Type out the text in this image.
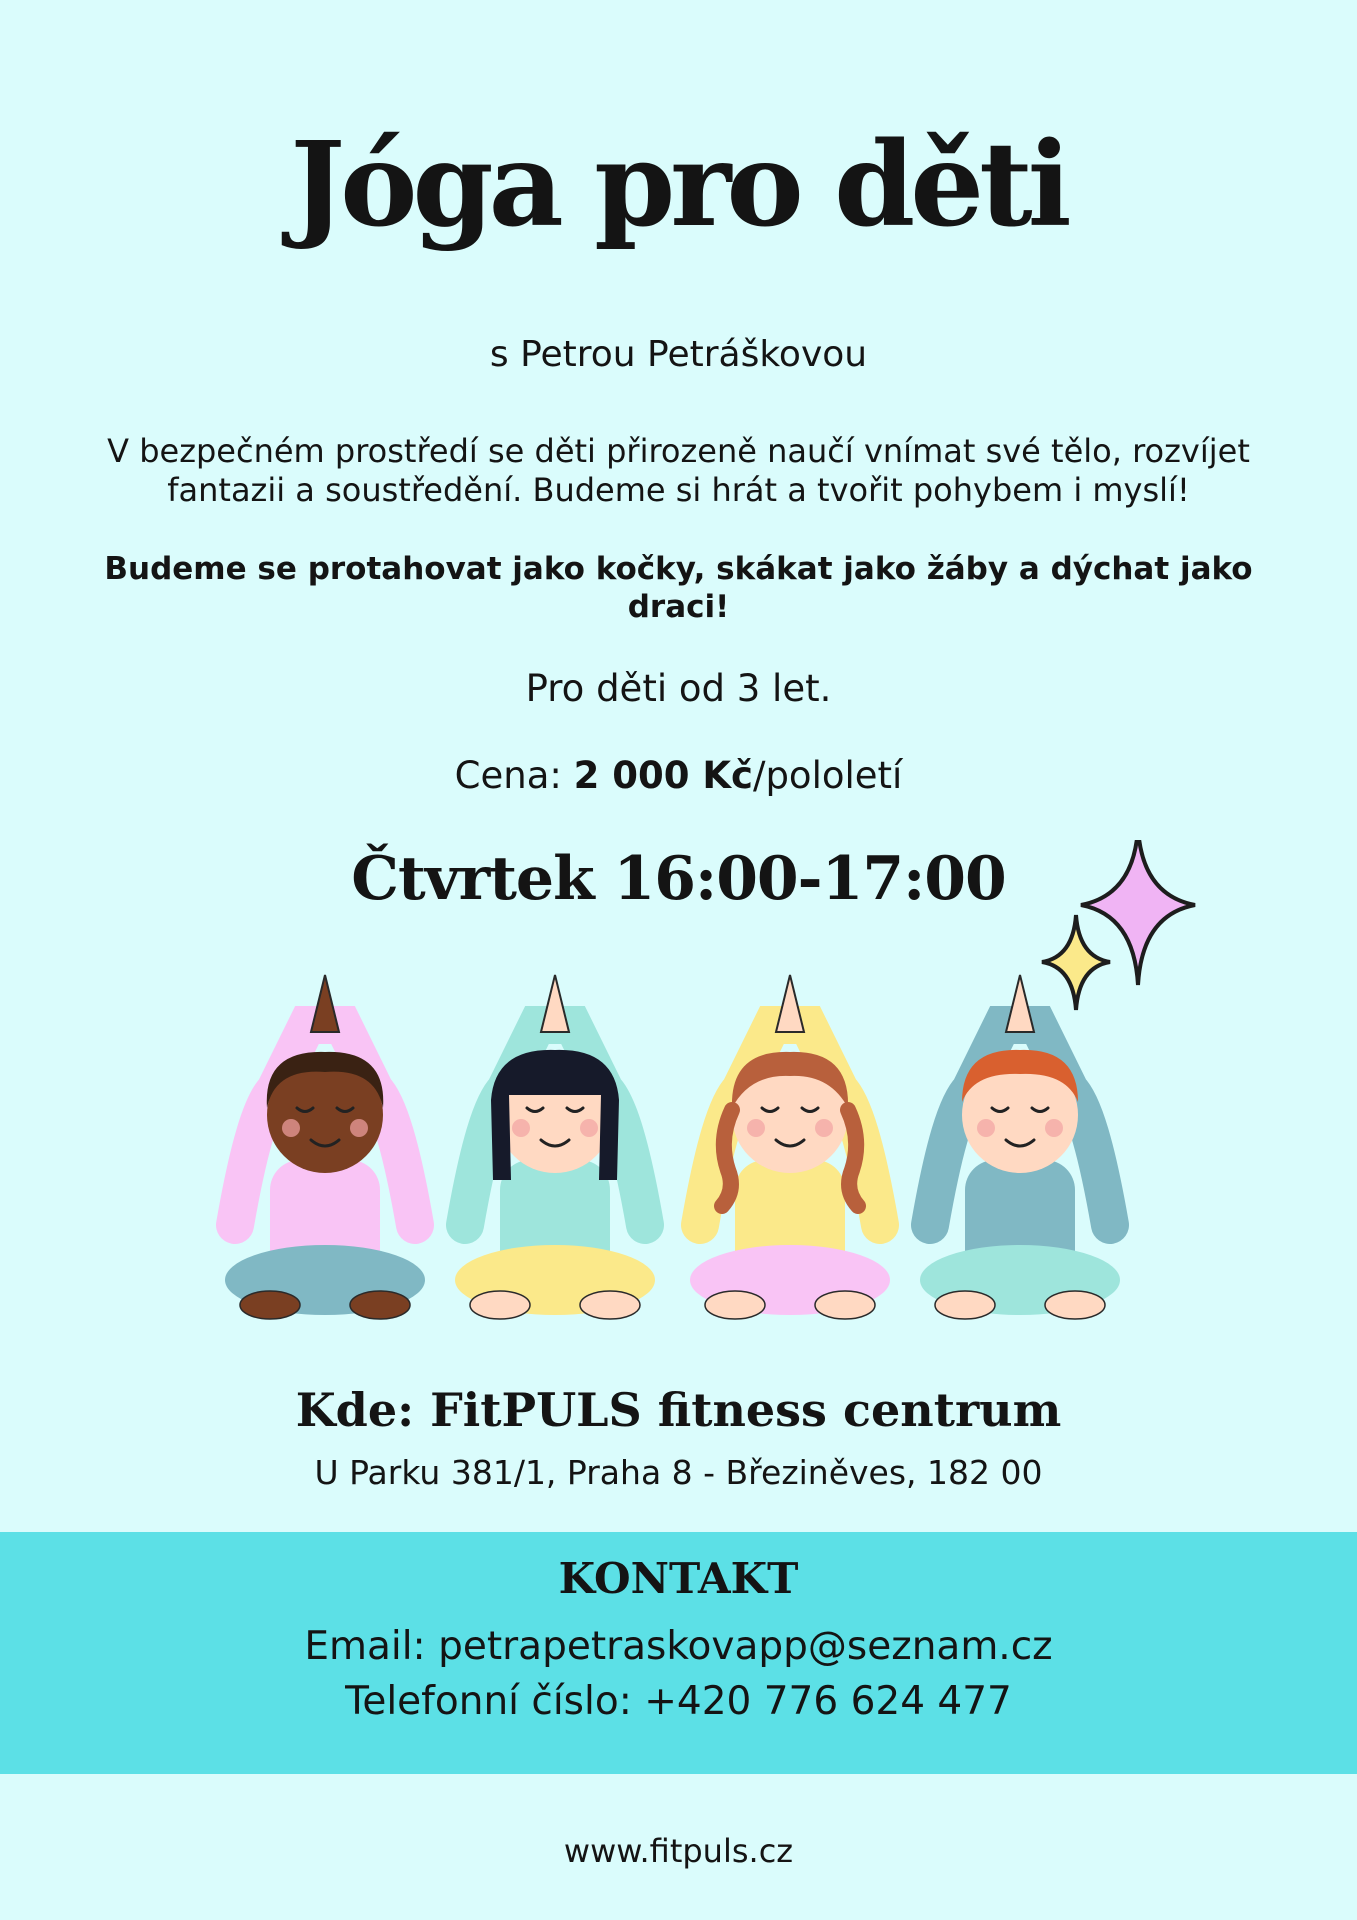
Jóga pro děti
s Petrou Petráškovou
V bezpečném prostředí se děti přirozeně naučí vnímat své tělo, rozvíjet fantazii a soustředění. Budeme si hrát a tvořit pohybem i myslí!
Budeme se protahovat jako kočky, skákat jako žáby a dýchat jako draci!
Pro děti od 3 let.
Cena: 2 000 Kč/pololetí
Čtvrtek 16:00-17:00
Kde: FitPULS fitness centrum
U Parku 381/1, Praha 8 - Březiněves, 182 00
KONTAKT
Email: petrapetraskovapp@seznam.cz
Telefonní číslo: +420 776 624 477
www.fitpuls.cz
